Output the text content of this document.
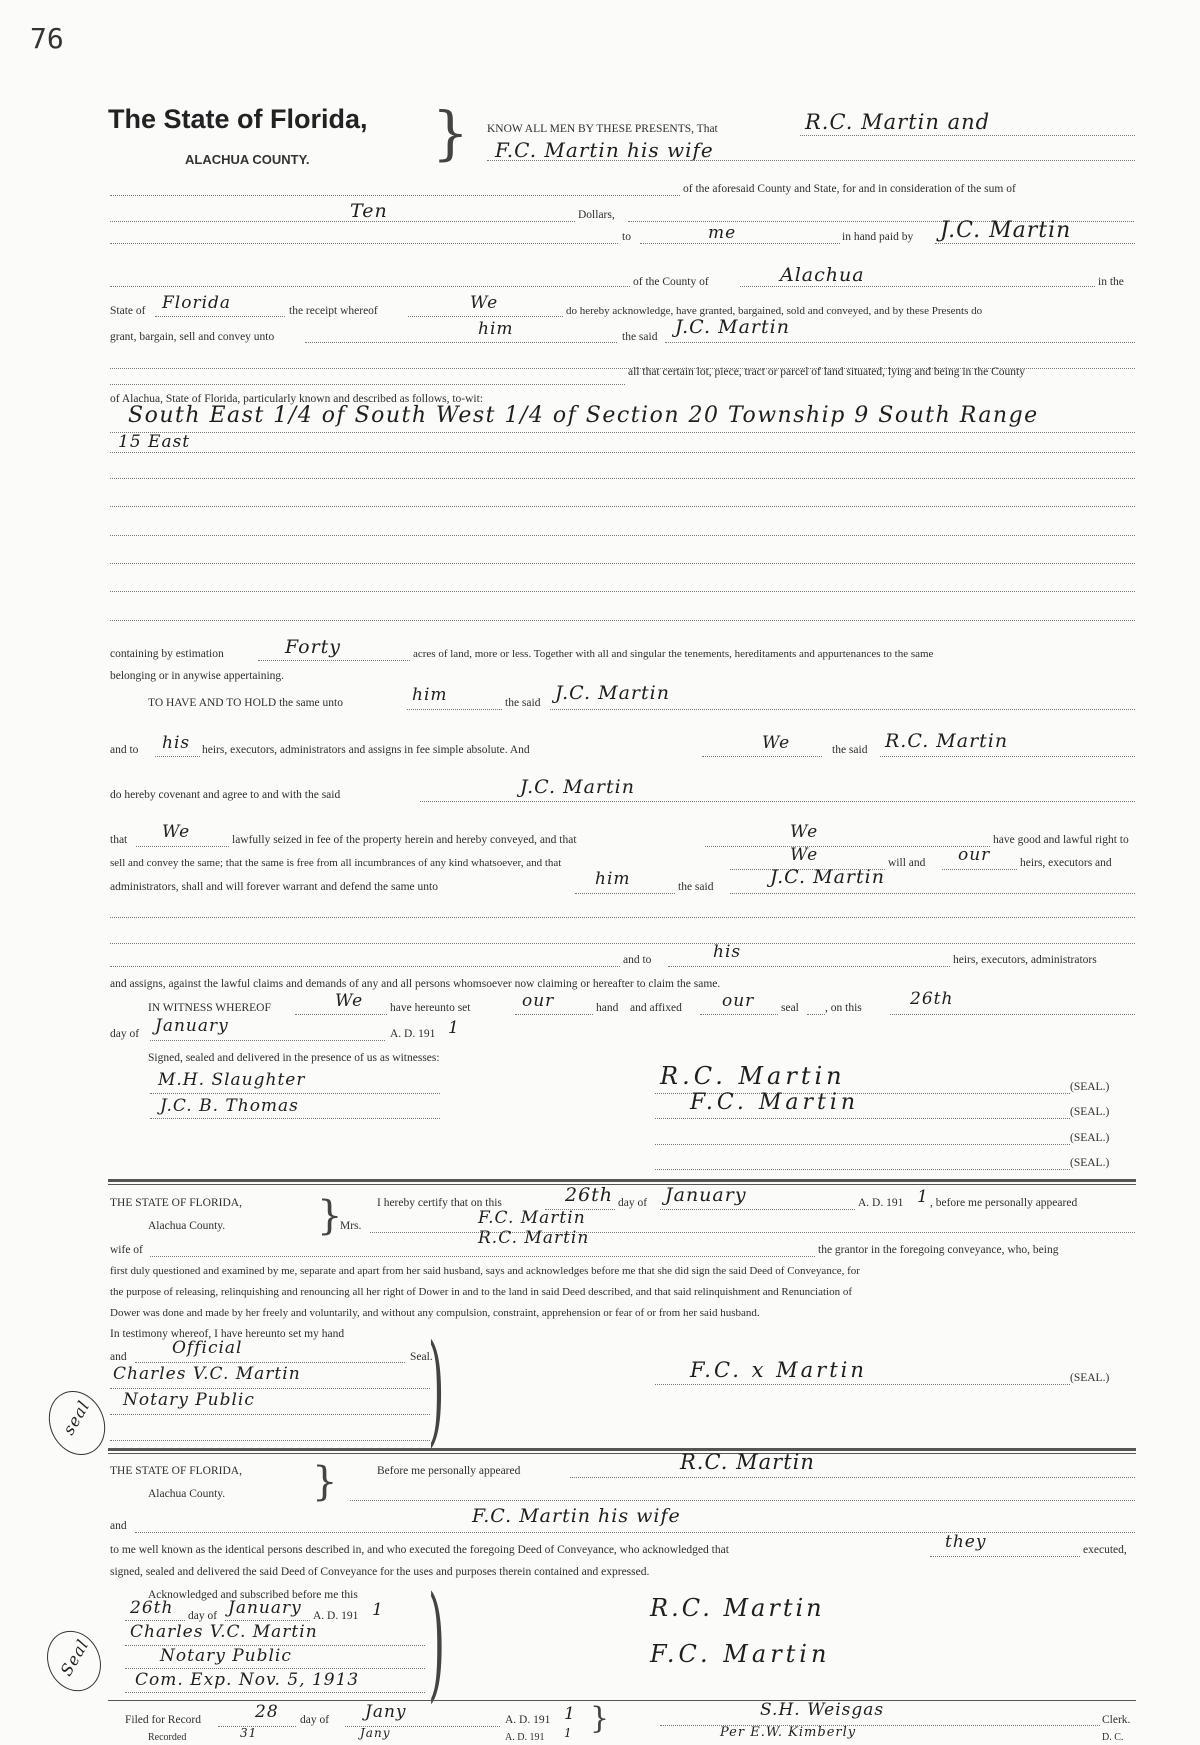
76
The State of Florida,
ALACHUA COUNTY. } KNOW ALL MEN BY THESE PRESENTS, That	R.C. Martin and
F.C. Martin his wife
of the aforesaid County and State, for and in consideration of the sum of
Ten	Dollars,
to	me	in hand paid by J.C. Martin
of the County of	Alachua	in the
State of Florida	the receipt whereof	We	do hereby acknowledge, have granted, bargained, sold and conveyed, and by these Presents do
grant, bargain, sell and convey unto	him	the said J.C. Martin
all that certain lot, piece, tract or parcel of land situated, lying and being in the County
of Alachua, State of Florida, particularly known and described as follows, to-wit:
South East 1/4 of South West 1/4 of Section 20 Township 9 South Range
15 East
containing by estimation	Forty	acres of land, more or less. Together with all and singular the tenements, hereditaments and appurtenances to the same
belonging or in anywise appertaining.
TO HAVE AND TO HOLD the same unto	him	the said J.C. Martin
and to his heirs, executors, administrators and assigns in fee simple absolute. And	We	the said R.C. Martin
do hereby covenant and agree to and with the said	J.C. Martin
that We	lawfully seized in fee of the property herein and hereby conveyed, and that	We	have good and lawful right to
sell and convey the same; that the same is free from all incumbrances of any kind whatsoever, and that	We	will and our	heirs, executors and
administrators, shall and will forever warrant and defend the same unto	him	the said	J.C. Martin
and to	his	heirs, executors, administrators
and assigns, against the lawful claims and demands of any and all persons whomsoever now claiming or hereafter to claim the same.
IN WITNESS WHEREOF	We have hereunto set	our	hand and affixed our seal , on this	26th
day of January	A. D. 191 1
Signed, sealed and delivered in the presence of us as witnesses:
M.H. Slaughter
J.C. B. Thomas
R.C. Martin	(SEAL.)
F.C. Martin	(SEAL.)
(SEAL.)
(SEAL.)
THE STATE OF FLORIDA,
Alachua County. }	I hereby certify that on this	26th day of January	A. D. 191 1 , before me personally appeared
Mrs.	F.C. Martin
wife of
R.C. Martin
the grantor in the foregoing conveyance, who, being
first duly questioned and examined by me, separate and apart from her said husband, says and acknowledges before me that she did sign the said Deed of Conveyance, for
the purpose of releasing, relinquishing and renouncing all her right of Dower in and to the land in said Deed described, and that said relinquishment and Renunciation of
Dower was done and made by her freely and voluntarily, and without any compulsion, constraint, apprehension or fear of or from her said husband.
In testimony whereof, I have hereunto set my hand
and	Official	Seal.
Charles V.C. Martin
Notary Public )	F.C. x Martin	(SEAL.)
seal
THE STATE OF FLORIDA,
Alachua County. }	Before me personally appeared	R.C. Martin
and	F.C. Martin his wife
to me well known as the identical persons described in, and who executed the foregoing Deed of Conveyance, who acknowledged that	they	executed,
signed, sealed and delivered the said Deed of Conveyance for the uses and purposes therein contained and expressed.
Acknowledged and subscribed before me this
26th day of January A. D. 191 1
Charles V.C. Martin
Notary Public
Com. Exp. Nov. 5, 1913 )	R.C. Martin
F.C. Martin
Seal
Filed for Record	28 day of Jany	A. D. 191 1
Recorded	31	Jany	A. D. 191 1 }	S.H. Weisgas	Clerk.
Per E.W. Kimberly	D. C.
